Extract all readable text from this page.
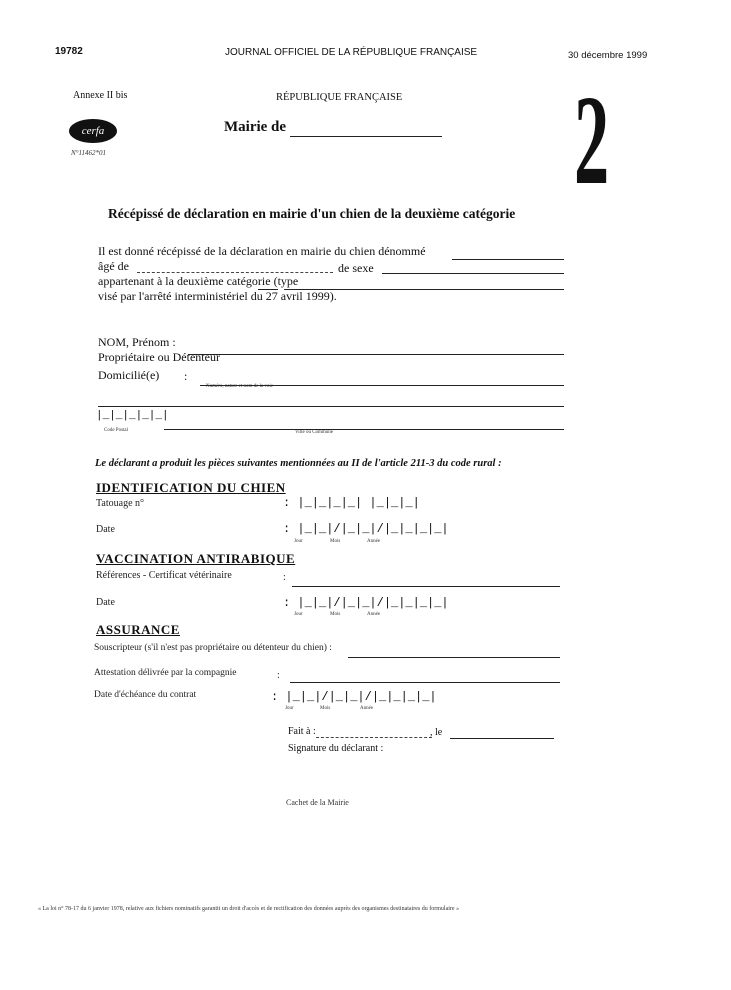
19782	JOURNAL OFFICIEL DE LA RÉPUBLIQUE FRANÇAISE	30 décembre 1999
Annexe II bis	RÉPUBLIQUE FRANÇAISE
cerfa
N°11462*01
Mairie de 2
Récépissé de déclaration en mairie d'un chien de la deuxième catégorie
Il est donné récépissé de la déclaration en mairie du chien dénommé
âgé de	de sexe
appartenant à la deuxième catégorie (type
visé par l'arrêté interministériel du 27 avril 1999).
NOM, Prénom :
Propriétaire ou Détenteur
Domicilié(e) :
Numéro, nature et nom de la voie
|_|_|_|_|_|
Code Postal	Ville ou Commune
Le déclarant a produit les pièces suivantes mentionnées au II de l'article 211-3 du code rural :
IDENTIFICATION DU CHIEN
Tatouage n°	: |_|_|_|_| |_|_|_|
Date	: |_|_|/|_|_|/|_|_|_|_|
Jour	Mois	Année
VACCINATION ANTIRABIQUE
Références - Certificat vétérinaire	:
Date	: |_|_|/|_|_|/|_|_|_|_|
Jour	Mois	Année
ASSURANCE
Souscripteur (s'il n'est pas propriétaire ou détenteur du chien) :
Attestation délivrée par la compagnie	:
Date d'échéance du contrat	: |_|_|/|_|_|/|_|_|_|_|
Jour	Mois	Année
Fait à :	, le
Signature du déclarant :
Cachet de la Mairie
« La loi n° 78-17 du 6 janvier 1978, relative aux fichiers nominatifs garantit un droit d'accès et de rectification des données auprès des organismes destinataires du formulaire »
